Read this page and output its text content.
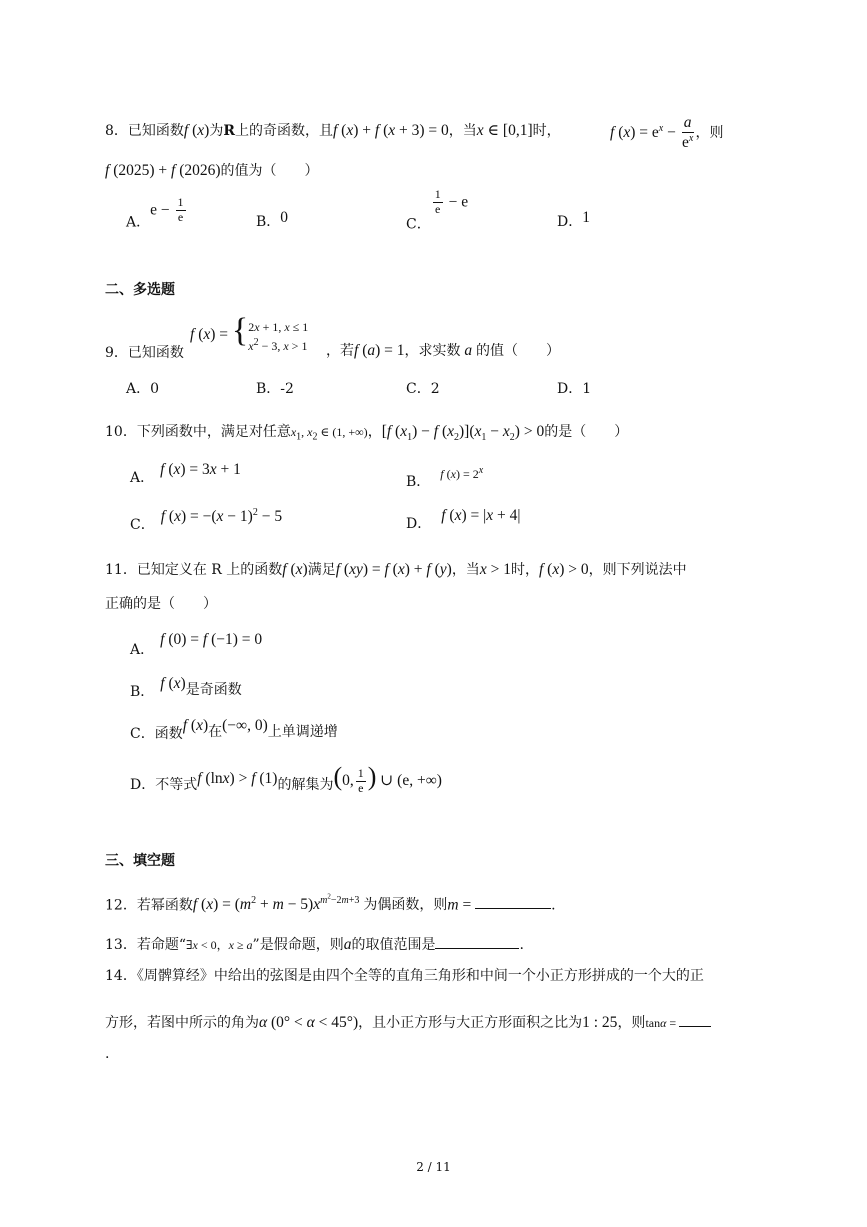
8．已知函数f (x)为R上的奇函数，且f (x) + f (x + 3) = 0，当x ∈ [0,1]时，	f $(x) = e^x - \frac{a}{e^x}$ ，则
f (2025) + f (2026)的值为（　　）
A．$e - \frac{1}{e}$	B．0	C．
$\frac{1}{e} - e$
D．1
二、多选题
f (x) = { 2x + 1, x ≤ 1
$x^2 - 3$, x > 1
9．已知函数	，若f (a) = 1，求实数 a 的值（　　）
A．0	B．-2	C．2	D．1
10．下列函数中，满足对任意$x_1$, $x_2$ ∈ (1, +∞)，[f $(x_1) - f$ $(x_2)](x_1 - x_2) > 0$的是（　　）
A． f (x) = 3x + 1
B． f $(x) = 2^x$
C． f $(x) = -(x - 1)^2 - 5$	D． f (x) = |x + 4|
11．已知定义在 R 上的函数f (x)满足f (xy) = f (x) + f (y)，当x > 1时，f (x) > 0，则下列说法中
正确的是（　　）
A．f (0) = f (−1) = 0
B． f (x)是奇函数
C．函数f (x)在(−∞, 0)上单调递增
D．不等式f (lnx) > f (1)的解集为(0, $\frac{1}{e}$ ) ∪ (e, +∞)
三、填空题
12．若幂函数f $(x) = (m^2 + m - 5)x^{m^2-2m+3}$ 为偶函数，则m =	.
13．若命题“∃x < 0，x ≥ a”是假命题，则a的取值范围是	.
14．《周髀算经》中给出的弦图是由四个全等的直角三角形和中间一个小正方形拼成的一个大的正
方形，若图中所示的角为α (0° < α < 45°)，且小正方形与大正方形面积之比为1 : 25，则tanα =
.
2 / 11
